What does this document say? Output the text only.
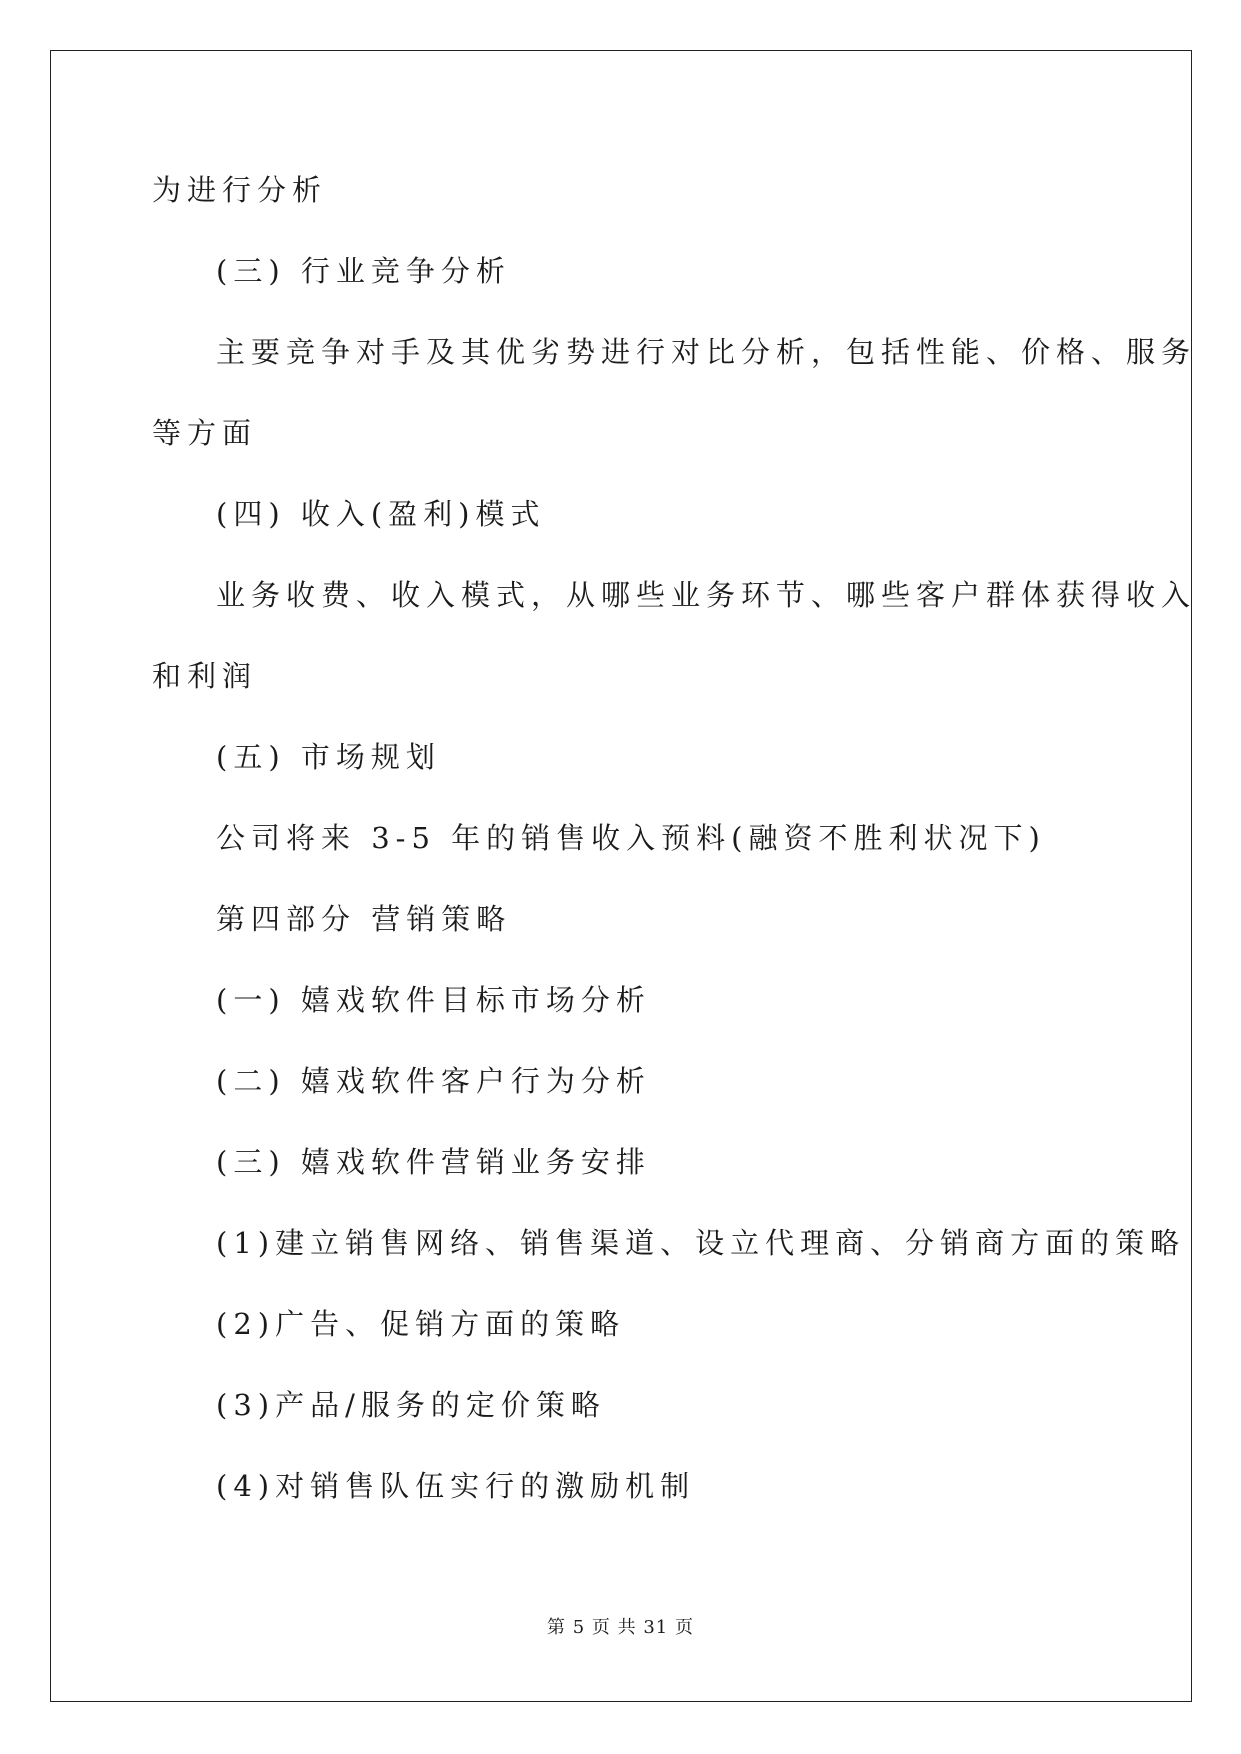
为进行分析
(三) 行业竞争分析
主要竞争对手及其优劣势进行对比分析，包括性能、价格、服务
等方面
(四) 收入(盈利)模式
业务收费、收入模式，从哪些业务环节、哪些客户群体获得收入
和利润
(五) 市场规划
公司将来 3-5 年的销售收入预料(融资不胜利状况下)
第四部分 营销策略
(一) 嬉戏软件目标市场分析
(二) 嬉戏软件客户行为分析
(三) 嬉戏软件营销业务安排
(1)建立销售网络、销售渠道、设立代理商、分销商方面的策略
(2)广告、促销方面的策略
(3)产品/服务的定价策略
(4)对销售队伍实行的激励机制
第 5 页 共 31 页
